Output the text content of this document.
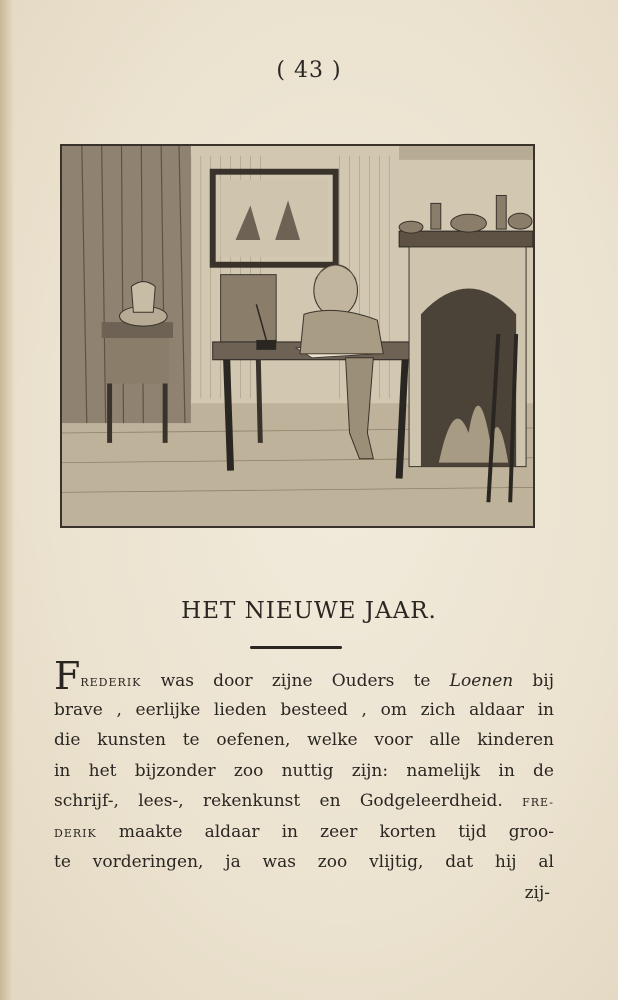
( 43 )
HET NIEUWE JAAR.
FREDERIK was door zijne Ouders te Loenen bij
brave , eerlijke lieden besteed , om zich aldaar in
die kunsten te oefenen, welke voor alle kinderen
in het bijzonder zoo nuttig zijn: namelijk in de
schrijf-, lees-, rekenkunst en Godgeleerdheid. FRE-
DERIK maakte aldaar in zeer korten tijd groo-
te vorderingen, ja was zoo vlijtig, dat hij al
zij-
